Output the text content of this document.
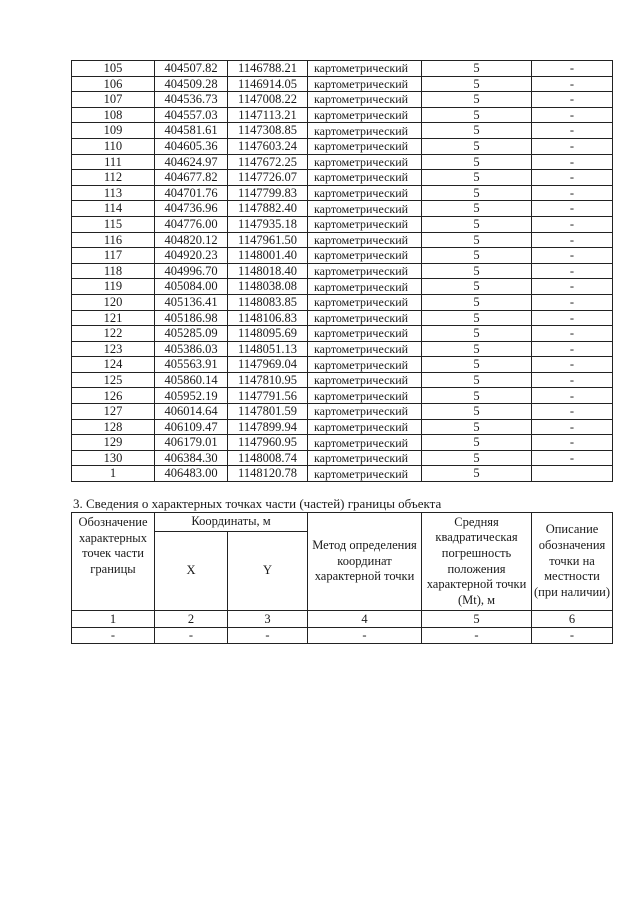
105	404507.82	1146788.21	картометрический	5	-
106	404509.28	1146914.05	картометрический	5	-
107	404536.73	1147008.22	картометрический	5	-
108	404557.03	1147113.21	картометрический	5	-
109	404581.61	1147308.85	картометрический	5	-
110	404605.36	1147603.24	картометрический	5	-
111	404624.97	1147672.25	картометрический	5	-
112	404677.82	1147726.07	картометрический	5	-
113	404701.76	1147799.83	картометрический	5	-
114	404736.96	1147882.40	картометрический	5	-
115	404776.00	1147935.18	картометрический	5	-
116	404820.12	1147961.50	картометрический	5	-
117	404920.23	1148001.40	картометрический	5	-
118	404996.70	1148018.40	картометрический	5	-
119	405084.00	1148038.08	картометрический	5	-
120	405136.41	1148083.85	картометрический	5	-
121	405186.98	1148106.83	картометрический	5	-
122	405285.09	1148095.69	картометрический	5	-
123	405386.03	1148051.13	картометрический	5	-
124	405563.91	1147969.04	картометрический	5	-
125	405860.14	1147810.95	картометрический	5	-
126	405952.19	1147791.56	картометрический	5	-
127	406014.64	1147801.59	картометрический	5	-
128	406109.47	1147899.94	картометрический	5	-
129	406179.01	1147960.95	картометрический	5	-
130	406384.30	1148008.74	картометрический	5	-
1	406483.00	1148120.78	картометрический	5	
3. Сведения о характерных точках части (частей) границы объекта
Обозначение характерных точек части границы	Координаты, м		Метод определения координат характерной точки	Средняя квадратическая погрешность положения характерной точки (Mt), м	Описание обозначения точки на местности (при наличии)
	X	Y			
1	2	3	4	5	6
-	-	-	-	-	-
